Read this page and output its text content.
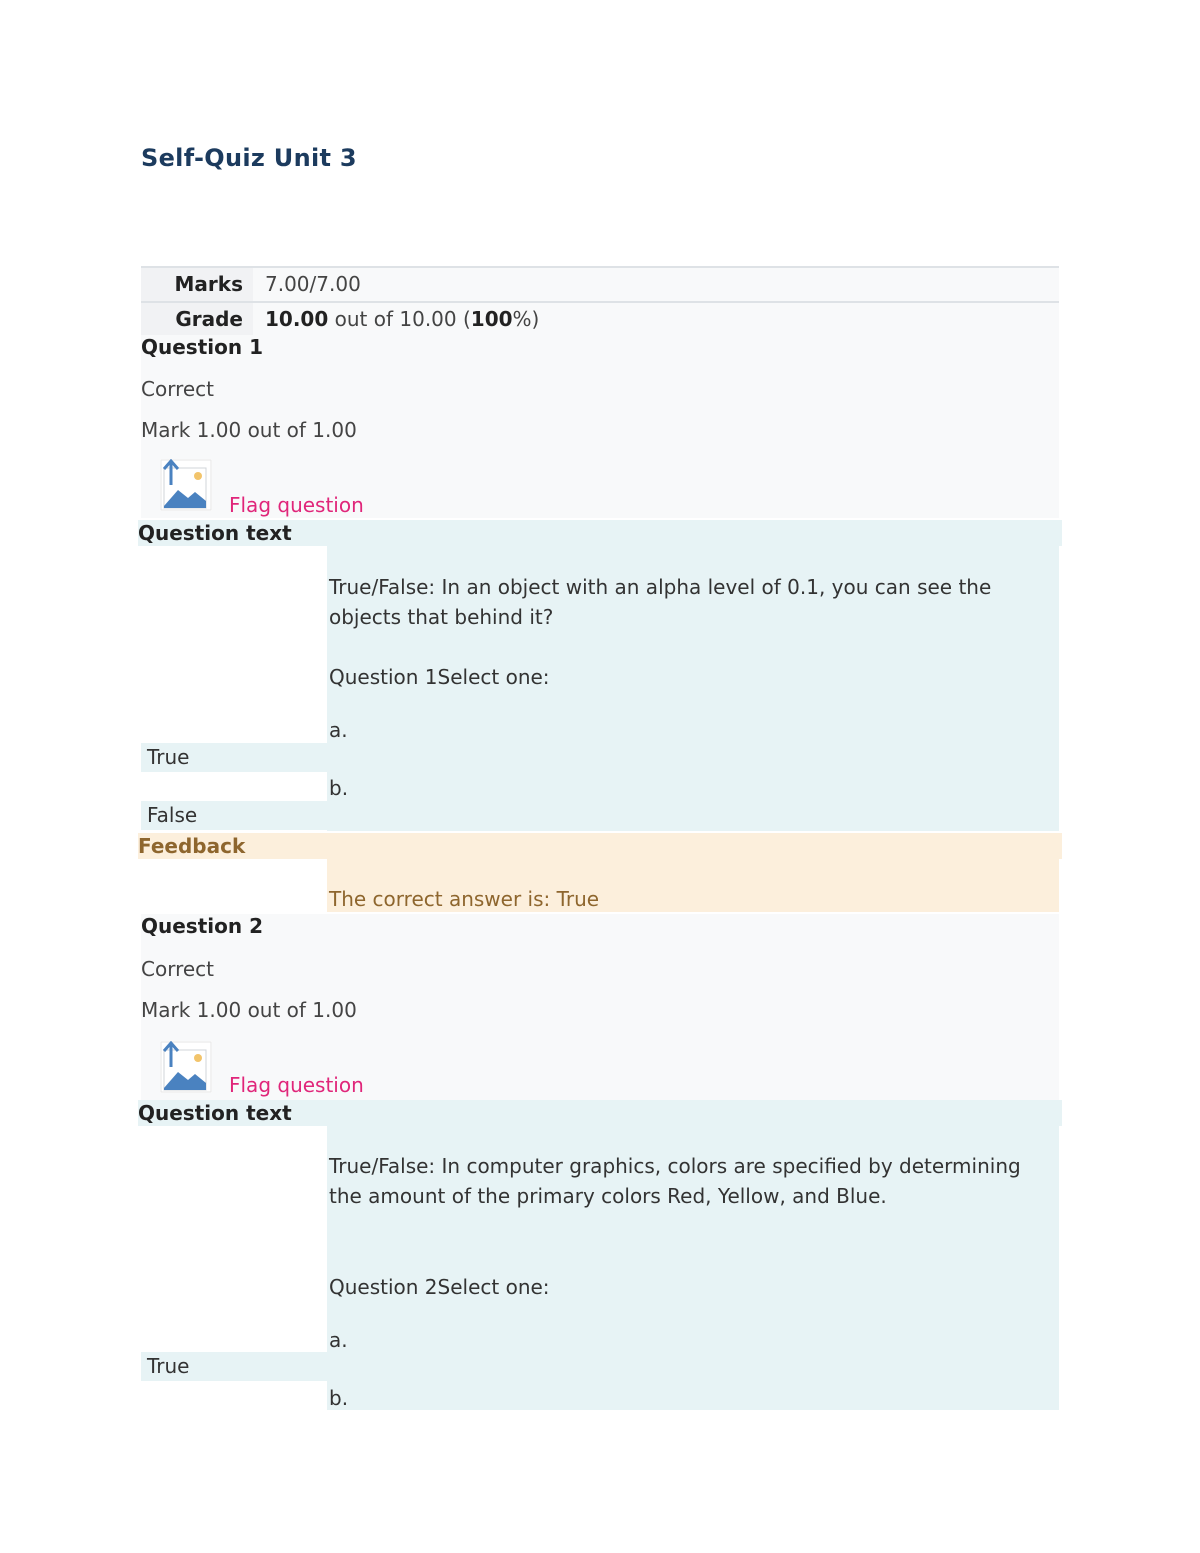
Self-Quiz Unit 3
Marks	7.00/7.00
Grade	10.00 out of 10.00 (100%)
Question 1
Correct
Mark 1.00 out of 1.00
Flag question
Question text
True/False: In an object with an alpha level of 0.1, you can see the objects that behind it?
Question 1Select one:
a.
True
b.
False
Feedback
The correct answer is: True
Question 2
Correct
Mark 1.00 out of 1.00
Flag question
Question text
True/False: In computer graphics, colors are specified by determining the amount of the primary colors Red, Yellow, and Blue.
Question 2Select one:
a.
True
b.
